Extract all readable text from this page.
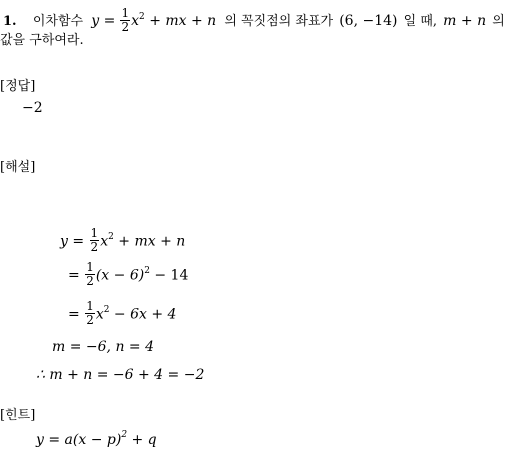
1. 이차함수 $y = \frac{1}{2} x^2$ + mx + n 의 꼭짓점의 좌표가 (6, −14) 일 때, m + n 의
값을 구하여라.
[정답]
−2
[해설]
$y = \frac{1}{2} x^2$ + mx + n
= $\frac{1}{2} (x - 6)^2 - 14$
= $\frac{1}{2} x^2 - 6x + 4$
m = −6, n = 4
∴ m + n = −6 + 4 = −2
[힌트]
$y = a(x - p)^2 + q$
